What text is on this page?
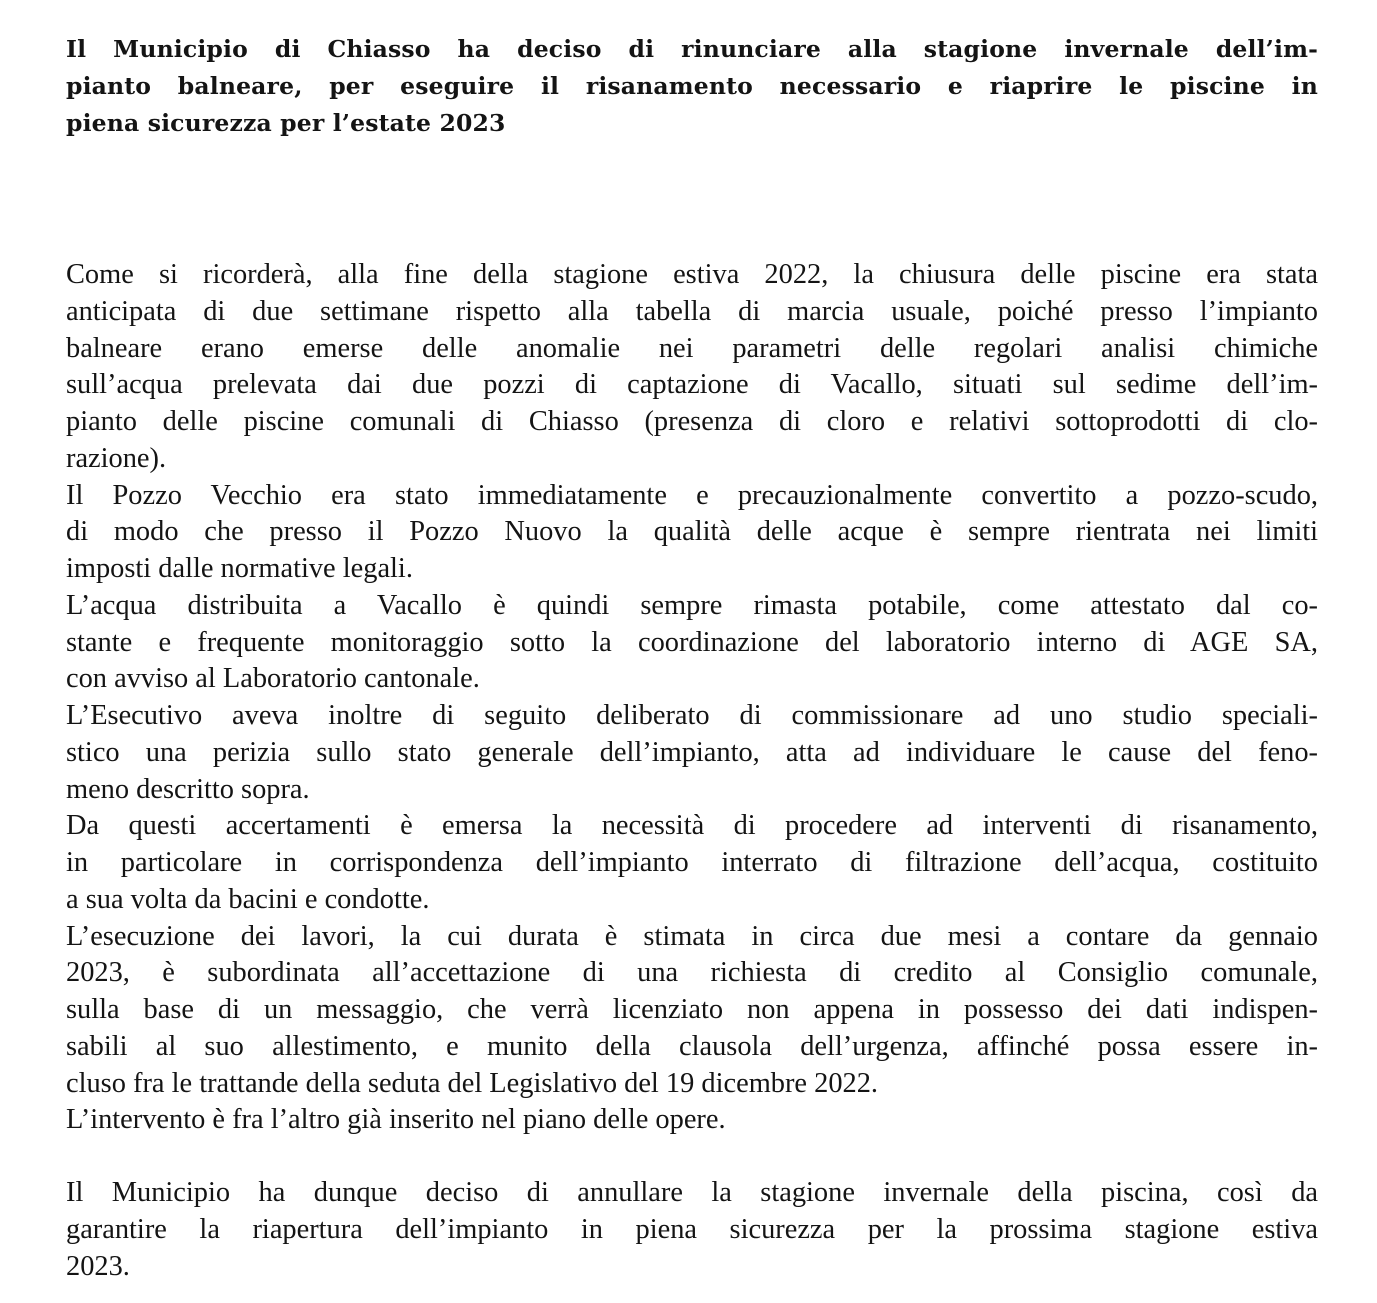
Il Municipio di Chiasso ha deciso di rinunciare alla stagione invernale dell’im-
pianto balneare, per eseguire il risanamento necessario e riaprire le piscine in
piena sicurezza per l’estate 2023

Come si ricorderà, alla fine della stagione estiva 2022, la chiusura delle piscine era stata
anticipata di due settimane rispetto alla tabella di marcia usuale, poiché presso l’impianto
balneare erano emerse delle anomalie nei parametri delle regolari analisi chimiche
sull’acqua prelevata dai due pozzi di captazione di Vacallo, situati sul sedime dell’im-
pianto delle piscine comunali di Chiasso (presenza di cloro e relativi sottoprodotti di clo-
razione).

Il Pozzo Vecchio era stato immediatamente e precauzionalmente convertito a pozzo-scudo,
di modo che presso il Pozzo Nuovo la qualità delle acque è sempre rientrata nei limiti
imposti dalle normative legali.

L’acqua distribuita a Vacallo è quindi sempre rimasta potabile, come attestato dal co-
stante e frequente monitoraggio sotto la coordinazione del laboratorio interno di AGE SA,
con avviso al Laboratorio cantonale.

L’Esecutivo aveva inoltre di seguito deliberato di commissionare ad uno studio speciali-
stico una perizia sullo stato generale dell’impianto, atta ad individuare le cause del feno-
meno descritto sopra.

Da questi accertamenti è emersa la necessità di procedere ad interventi di risanamento,
in particolare in corrispondenza dell’impianto interrato di filtrazione dell’acqua, costituito
a sua volta da bacini e condotte.

L’esecuzione dei lavori, la cui durata è stimata in circa due mesi a contare da gennaio
2023, è subordinata all’accettazione di una richiesta di credito al Consiglio comunale,
sulla base di un messaggio, che verrà licenziato non appena in possesso dei dati indispen-
sabili al suo allestimento, e munito della clausola dell’urgenza, affinché possa essere in-
cluso fra le trattande della seduta del Legislativo del 19 dicembre 2022.

L’intervento è fra l’altro già inserito nel piano delle opere.

Il Municipio ha dunque deciso di annullare la stagione invernale della piscina, così da
garantire la riapertura dell’impianto in piena sicurezza per la prossima stagione estiva
2023.
